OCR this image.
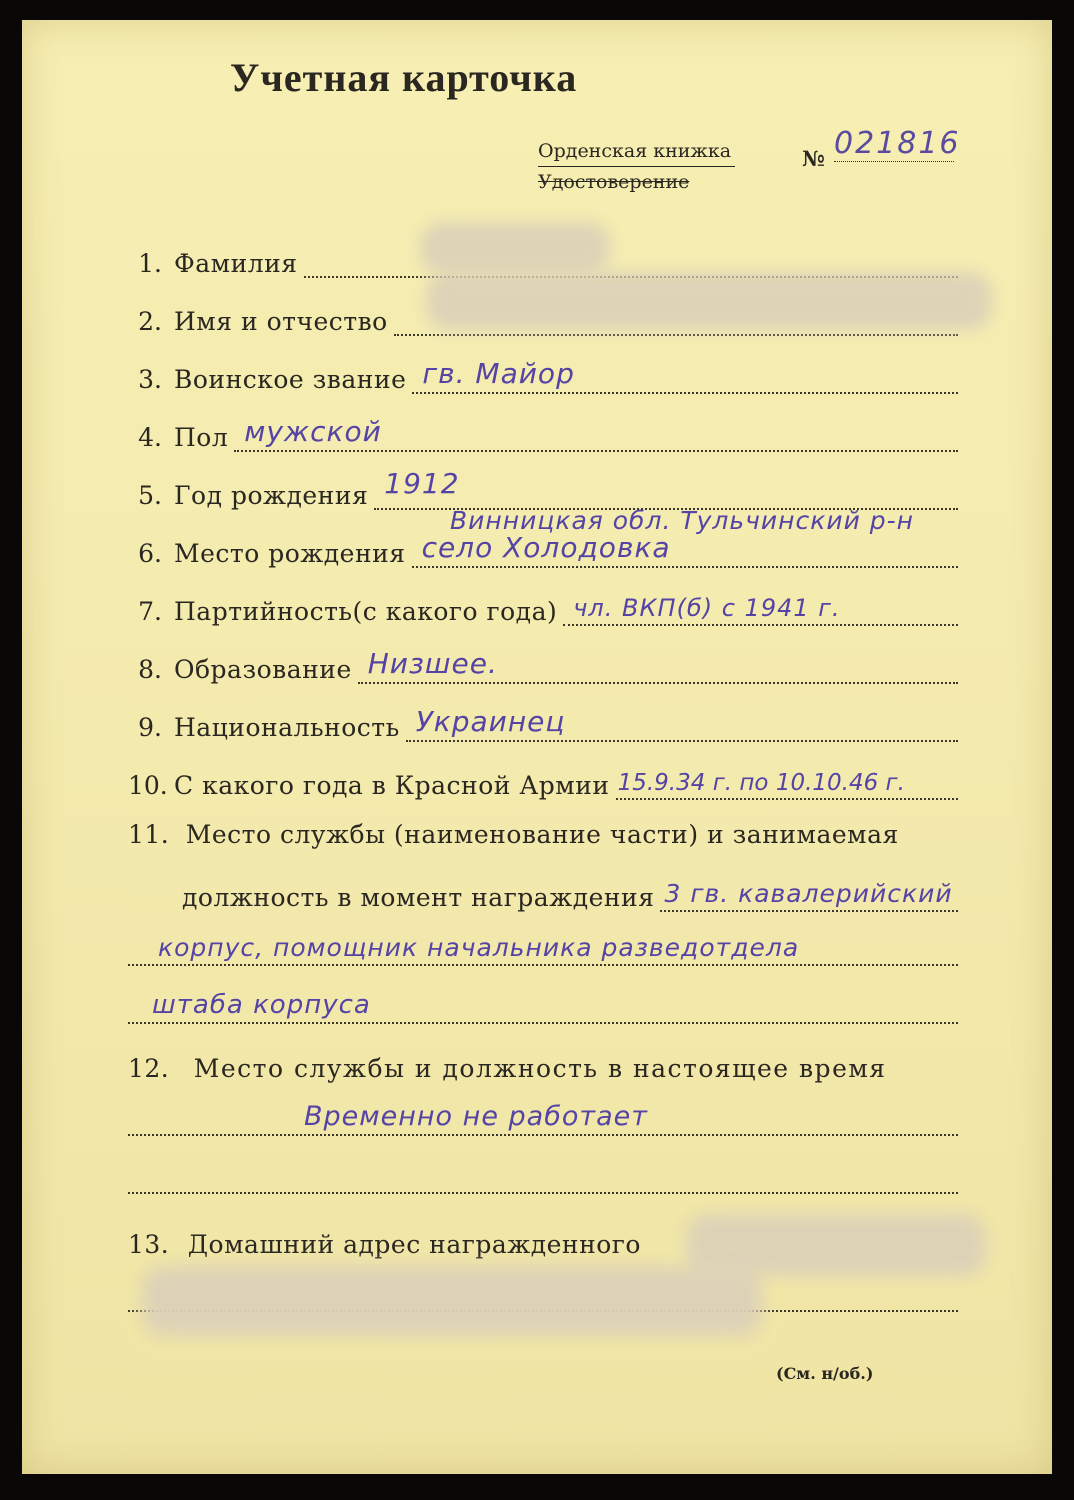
Учетная карточка
Орденская книжка
Удостоверение
№ 021816
1. Фамилия
2. Имя и отчество
3. Воинское звание гв. Майор
4. Пол мужской
5. Год рождения 1912
Винницкая обл. Тульчинский р-н
6. Место рождения село Холодовка
7. Партийность(с какого года) чл. ВКП(б) с 1941 г.
8. Образование Низшее.
9. Национальность Украинец
10. С какого года в Красной Армии 15.9.34 г. по 10.10.46 г.
11. Место службы (наименование части) и занимаемая
должность в момент награждения 3 гв. кавалерийский
корпус, помощник начальника разведотдела
штаба корпуса
12. Место службы и должность в настоящее время
Временно не работает
13. Домашний адрес награжденного
(См. н/об.)
